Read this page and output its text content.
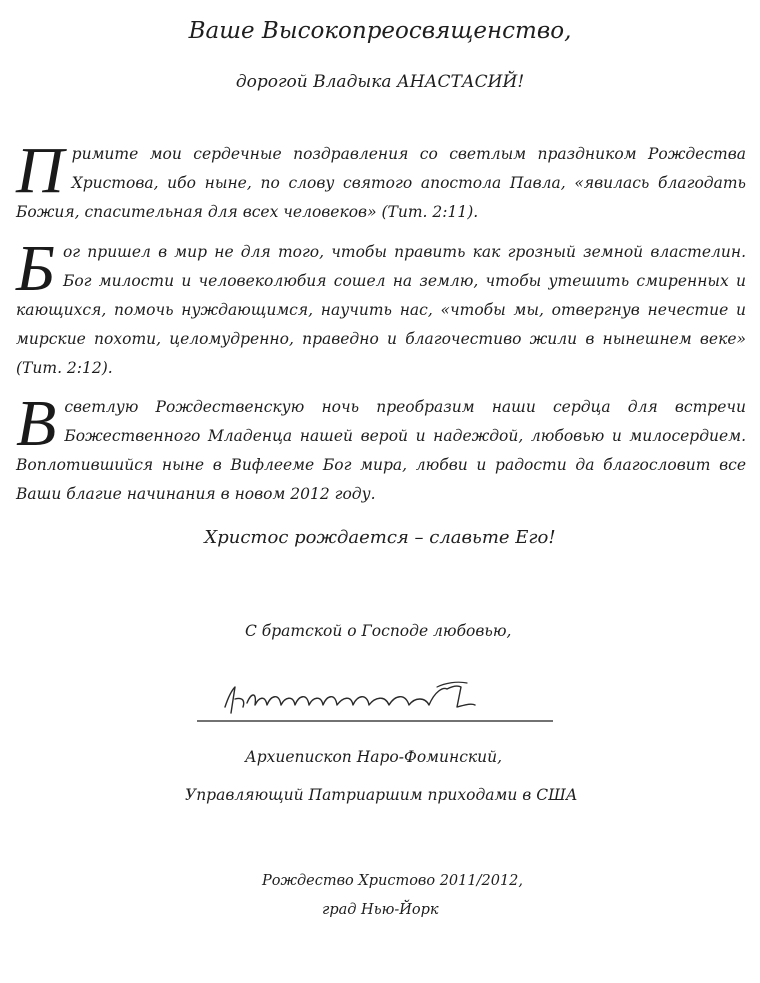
Ваше Высокопреосвященство,
дорогой Владыка АНАСТАСИЙ!
П римите мои сердечные поздравления со светлым праздником Рождества Христова, ибо ныне, по слову святого апостола Павла, «явилась благодать Божия, спасительная для всех человеков» (Тит. 2:11).

Б ог пришел в мир не для того, чтобы править как грозный земной властелин. Бог милости и человеколюбия сошел на землю, чтобы утешить смиренных и кающихся, помочь нуждающимся, научить нас, «чтобы мы, отвергнув нечестие и мирские похоти, целомудренно, праведно и благочестиво жили в нынешнем веке» (Тит. 2:12).

В светлую Рождественскую ночь преобразим наши сердца для встречи Божественного Младенца нашей верой и надеждой, любовью и милосердием. Воплотившийся ныне в Вифлееме Бог мира, любви и радости да благословит все Ваши благие начинания в новом 2012 году.

Христос рождается – славьте Его!
С братской о Господе любовью,
Архиепископ Наро-Фоминский,
Управляющий Патриаршим приходами в США
Рождество Христово 2011/2012,
град Нью-Йорк
